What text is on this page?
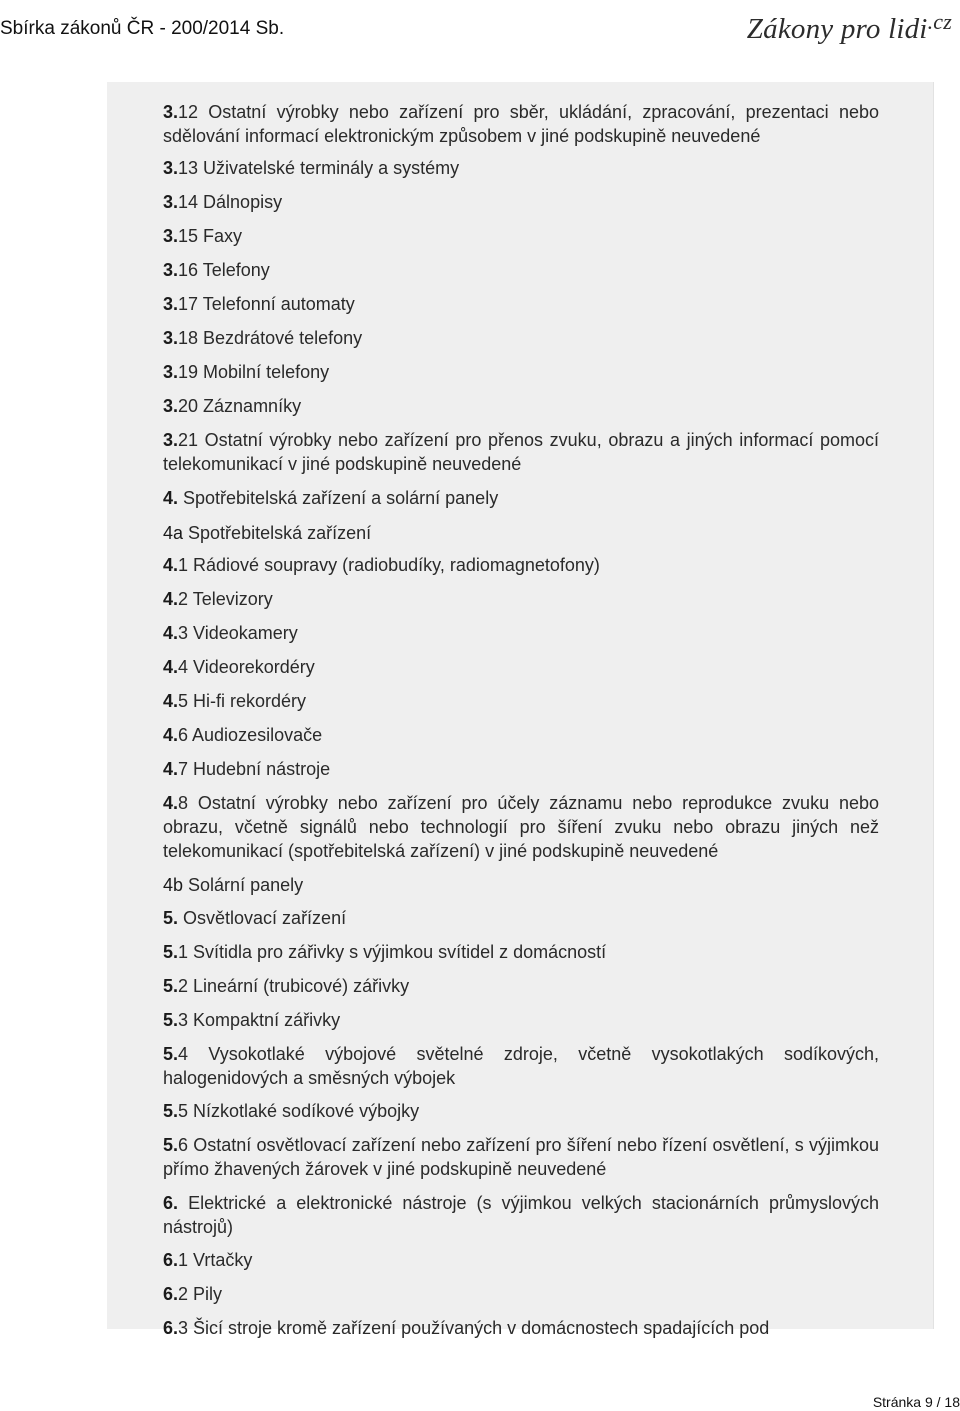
Sbírka zákonů ČR - 200/2014 Sb.	Zákony pro lidi$^{.cz}$

3.12 Ostatní výrobky nebo zařízení pro sběr, ukládání, zpracování, prezentaci nebo sdělování informací elektronickým způsobem v jiné podskupině neuvedené

3.13 Uživatelské terminály a systémy

3.14 Dálnopisy

3.15 Faxy

3.16 Telefony

3.17 Telefonní automaty

3.18 Bezdrátové telefony

3.19 Mobilní telefony

3.20 Záznamníky

3.21 Ostatní výrobky nebo zařízení pro přenos zvuku, obrazu a jiných informací pomocí telekomunikací v jiné podskupině neuvedené

4. Spotřebitelská zařízení a solární panely

4a Spotřebitelská zařízení

4.1 Rádiové soupravy (radiobudíky, radiomagnetofony)

4.2 Televizory

4.3 Videokamery

4.4 Videorekordéry

4.5 Hi-fi rekordéry

4.6 Audiozesilovače

4.7 Hudební nástroje

4.8 Ostatní výrobky nebo zařízení pro účely záznamu nebo reprodukce zvuku nebo obrazu, včetně signálů nebo technologií pro šíření zvuku nebo obrazu jiných než telekomunikací (spotřebitelská zařízení) v jiné podskupině neuvedené

4b Solární panely

5. Osvětlovací zařízení

5.1 Svítidla pro zářivky s výjimkou svítidel z domácností

5.2 Lineární (trubicové) zářivky

5.3 Kompaktní zářivky

5.4 Vysokotlaké výbojové světelné zdroje, včetně vysokotlakých sodíkových, halogenidových a směsných výbojek

5.5 Nízkotlaké sodíkové výbojky

5.6 Ostatní osvětlovací zařízení nebo zařízení pro šíření nebo řízení osvětlení, s výjimkou přímo žhavených žárovek v jiné podskupině neuvedené

6. Elektrické a elektronické nástroje (s výjimkou velkých stacionárních průmyslových nástrojů)

6.1 Vrtačky

6.2 Pily

6.3 Šicí stroje kromě zařízení používaných v domácnostech spadajících pod

Stránka 9 / 18
